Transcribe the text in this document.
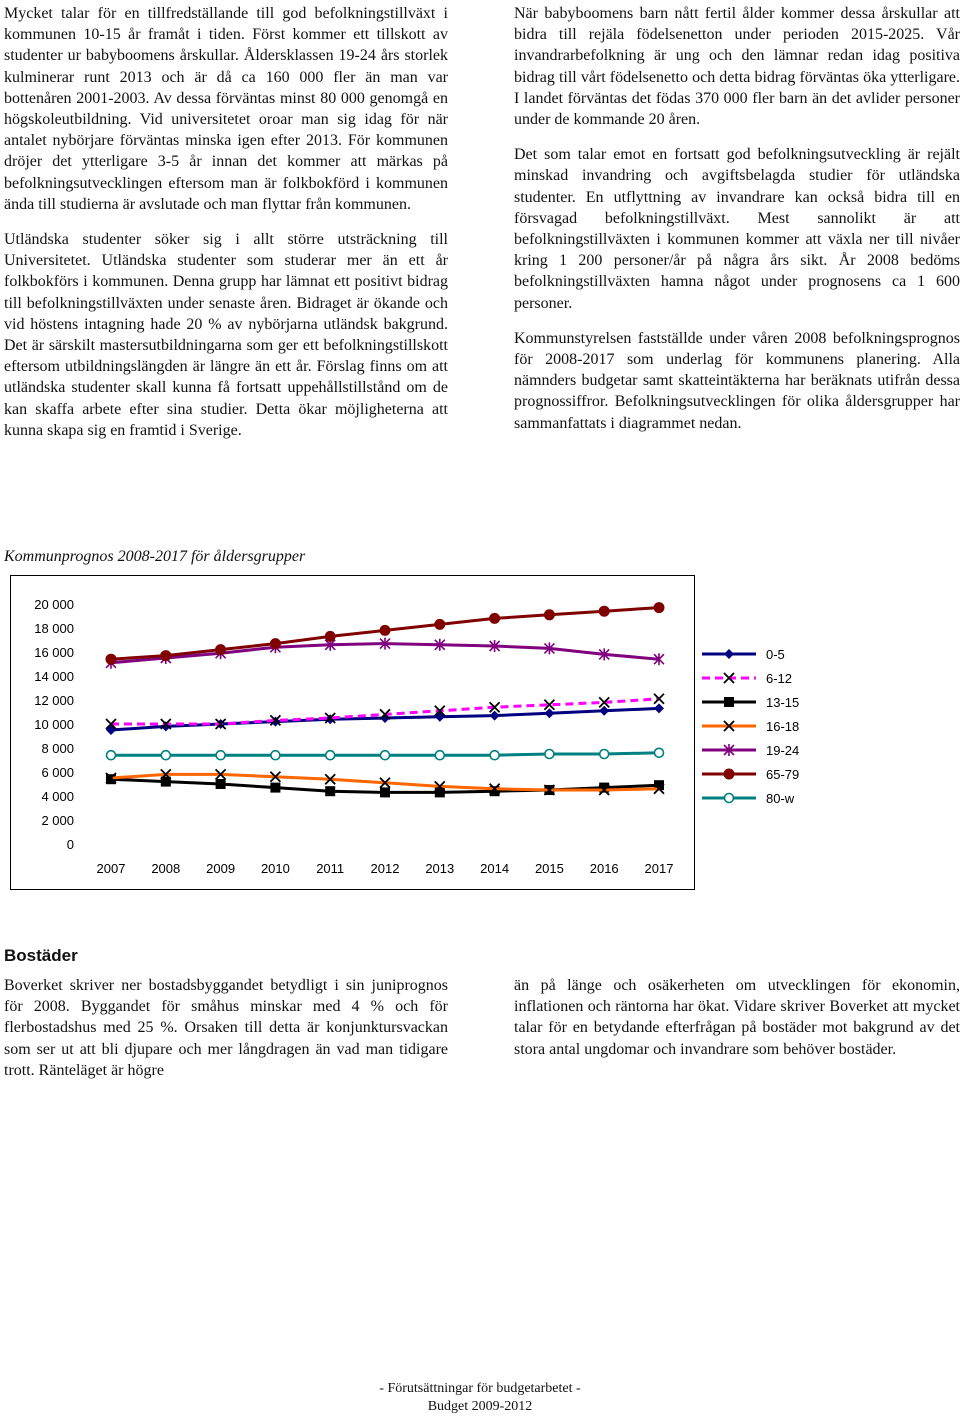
Mycket talar för en tillfredställande till god befolkningstillväxt i kommunen 10-15 år framåt i tiden. Först kommer ett tillskott av studenter ur babyboomens årskullar. Åldersklassen 19-24 års storlek kulminerar runt 2013 och är då ca 160 000 fler än man var bottenåren 2001-2003. Av dessa förväntas minst 80 000 genomgå en högskoleutbildning. Vid universitetet oroar man sig idag för när antalet nybörjare förväntas minska igen efter 2013. För kommunen dröjer det ytterligare 3-5 år innan det kommer att märkas på befolkningsutvecklingen eftersom man är folkbokförd i kommunen ända till studierna är avslutade och man flyttar från kommunen.

Utländska studenter söker sig i allt större utsträckning till Universitetet. Utländska studenter som studerar mer än ett år folkbokförs i kommunen. Denna grupp har lämnat ett positivt bidrag till befolkningstillväxten under senaste åren. Bidraget är ökande och vid höstens intagning hade 20 % av nybörjarna utländsk bakgrund. Det är särskilt mastersutbildningarna som ger ett befolkningstillskott eftersom utbildningslängden är längre än ett år. Förslag finns om att utländska studenter skall kunna få fortsatt uppehållstillstånd om de kan skaffa arbete efter sina studier. Detta ökar möjligheterna att kunna skapa sig en framtid i Sverige.

När babyboomens barn nått fertil ålder kommer dessa årskullar att bidra till rejäla födelsenetton under perioden 2015-2025. Vår invandrarbefolkning är ung och den lämnar redan idag positiva bidrag till vårt födelsenetto och detta bidrag förväntas öka ytterligare. I landet förväntas det födas 370 000 fler barn än det avlider personer under de kommande 20 åren.

Det som talar emot en fortsatt god befolkningsutveckling är rejält minskad invandring och avgiftsbelagda studier för utländska studenter. En utflyttning av invandrare kan också bidra till en försvagad befolkningstillväxt. Mest sannolikt är att befolkningstillväxten i kommunen kommer att växla ner till nivåer kring 1 200 personer/år på några års sikt. År 2008 bedöms befolkningstillväxten hamna något under prognosens ca 1 600 personer.

Kommunstyrelsen fastställde under våren 2008 befolkningsprognos för 2008-2017 som underlag för kommunens planering. Alla nämnders budgetar samt skatteintäkterna har beräknats utifrån dessa prognossiffror. Befolkningsutvecklingen för olika åldersgrupper har sammanfattats i diagrammet nedan.

Kommunprognos 2008-2017 för åldersgrupper
20 000
18 000
16 000
14 000
12 000
10 000
8 000
6 000
4 000
2 000
0
2007 2008 2009 2010 2011 2012 2013 2014 2015 2016 2017
Bostäder

Boverket skriver ner bostadsbyggandet betydligt i sin juniprognos för 2008. Byggandet för småhus minskar med 4 % och för flerbostadshus med 25 %. Orsaken till detta är konjunktursvackan som ser ut att bli djupare och mer långdragen än vad man tidigare trott. Ränteläget är högre

än på länge och osäkerheten om utvecklingen för ekonomin, inflationen och räntorna har ökat. Vidare skriver Boverket att mycket talar för en betydande efterfrågan på bostäder mot bakgrund av det stora antal ungdomar och invandrare som behöver bostäder.

- Förutsättningar för budgetarbetet -
Budget 2009-2012
0-5
6-12
13-15
16-18
19-24
65-79
80-w
